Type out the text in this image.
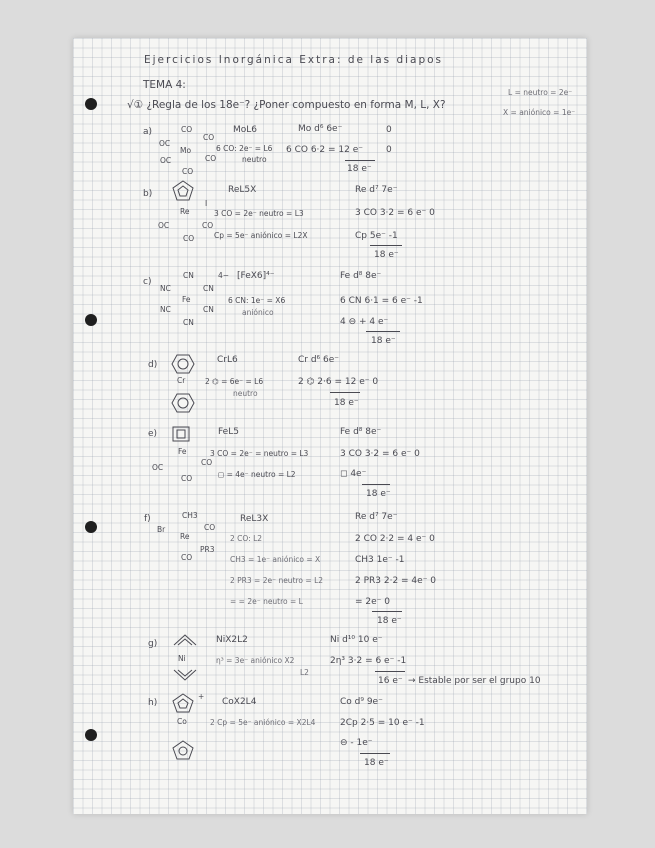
Ejercicios Inorgánica Extra: de las diapos
TEMA 4:
√① ¿Regla de los 18e⁻? ¿Poner compuesto en forma M, L, X?
L = neutro = 2e⁻
X = aniónico = 1e⁻
a)	CO
CO
OC
Mo
CO
OC
CO
MoL6
6 CO: 2e⁻ = L6
neutro
Mo d⁶ 6e⁻	0
6 CO 6·2 = 12 e⁻	0
18 e⁻
b)
I
Re
OC	CO
CO
ReL5X
3 CO = 2e⁻ neutro = L3
Cp = 5e⁻ aniónico = L2X
Re d⁷ 7e⁻
3 CO 3·2 = 6 e⁻ 0
Cp 5e⁻ -1
18 e⁻
c)
CN
CN
NC
Fe
CN
NC
CN
4− [FeX6]⁴⁻
6 CN: 1e⁻ = X6
aniónico
Fe d⁸ 8e⁻
6 CN 6·1 = 6 e⁻ -1
4 ⊖ + 4 e⁻
18 e⁻
d)
Cr
CrL6
2 ⌬ = 6e⁻ = L6
neutro
Cr d⁶ 6e⁻
2 ⌬ 2·6 = 12 e⁻ 0
18 e⁻
e)
Fe
OC
CO
CO
FeL5
3 CO = 2e⁻ = neutro = L3
◻ = 4e⁻ neutro = L2
Fe d⁸ 8e⁻
3 CO 3·2 = 6 e⁻ 0
◻ 4e⁻
18 e⁻
f)	CH3
CO
Br
Re
PR3
CO
ReL3X
2 CO: L2
CH3 = 1e⁻ aniónico = X
2 PR3 = 2e⁻ neutro = L2
= = 2e⁻ neutro = L
Re d⁷ 7e⁻
2 CO 2·2 = 4 e⁻ 0
CH3 1e⁻ -1
2 PR3 2·2 = 4e⁻ 0
= 2e⁻ 0
18 e⁻
g)
Ni
NiX2L2
η³ = 3e⁻ aniónico X2
L2
Ni d¹⁰ 10 e⁻
2η³ 3·2 = 6 e⁻ -1
16 e⁻ → Estable por ser el grupo 10
h)
+
Co
CoX2L4
2 Cp = 5e⁻ aniónico = X2L4
Co d⁹ 9e⁻
2Cp 2·5 = 10 e⁻ -1
⊖ - 1e⁻
18 e⁻
